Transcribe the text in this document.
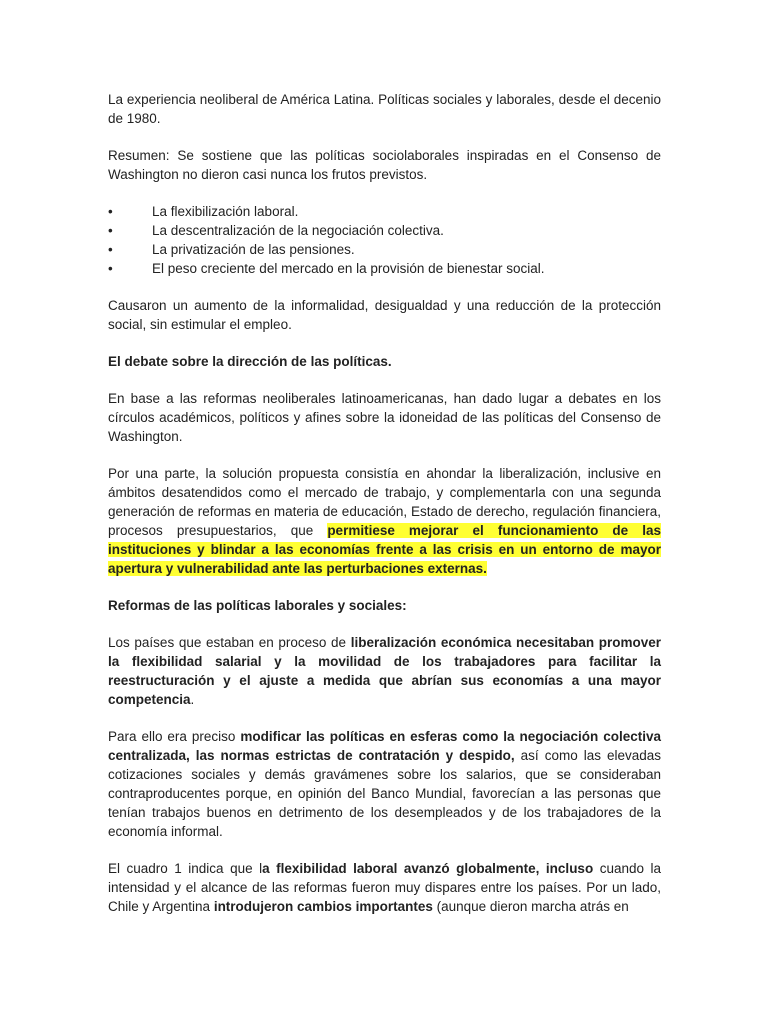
La experiencia neoliberal de América Latina. Políticas sociales y laborales, desde el decenio de 1980.

Resumen: Se sostiene que las políticas sociolaborales inspiradas en el Consenso de Washington no dieron casi nunca los frutos previstos.

•	La flexibilización laboral.
•	La descentralización de la negociación colectiva.
•	La privatización de las pensiones.
•	El peso creciente del mercado en la provisión de bienestar social.

Causaron un aumento de la informalidad, desigualdad y una reducción de la protección social, sin estimular el empleo.

El debate sobre la dirección de las políticas.

En base a las reformas neoliberales latinoamericanas, han dado lugar a debates en los círculos académicos, políticos y afines sobre la idoneidad de las políticas del Consenso de Washington.

Por una parte, la solución propuesta consistía en ahondar la liberalización, inclusive en ámbitos desatendidos como el mercado de trabajo, y complementarla con una segunda generación de reformas en materia de educación, Estado de derecho, regulación financiera, procesos presupuestarios, que permitiese mejorar el funcionamiento de las instituciones y blindar a las economías frente a las crisis en un entorno de mayor apertura y vulnerabilidad ante las perturbaciones externas.

Reformas de las políticas laborales y sociales:

Los países que estaban en proceso de liberalización económica necesitaban promover la flexibilidad salarial y la movilidad de los trabajadores para facilitar la reestructuración y el ajuste a medida que abrían sus economías a una mayor competencia.

Para ello era preciso modificar las políticas en esferas como la negociación colectiva centralizada, las normas estrictas de contratación y despido, así como las elevadas cotizaciones sociales y demás gravámenes sobre los salarios, que se consideraban contraproducentes porque, en opinión del Banco Mundial, favorecían a las personas que tenían trabajos buenos en detrimento de los desempleados y de los trabajadores de la economía informal.

El cuadro 1 indica que la flexibilidad laboral avanzó globalmente, incluso cuando la intensidad y el alcance de las reformas fueron muy dispares entre los países. Por un lado, Chile y Argentina introdujeron cambios importantes (aunque dieron marcha atrás en
